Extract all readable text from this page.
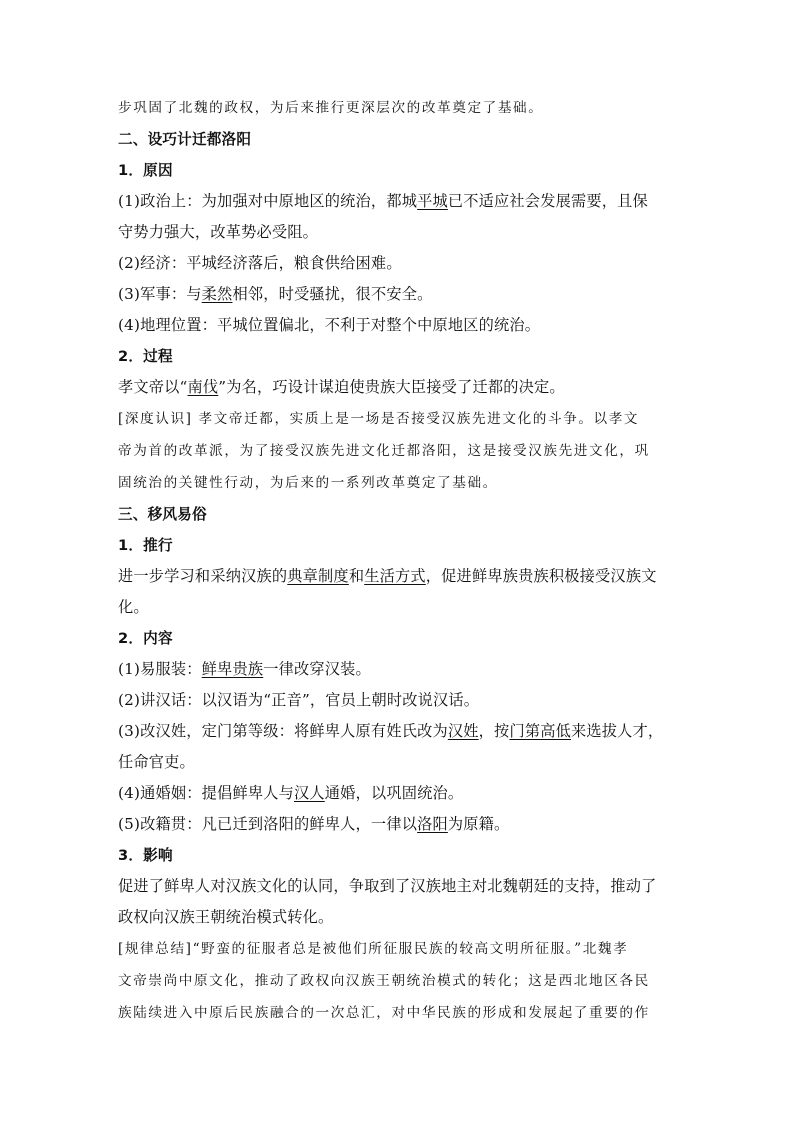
步巩固了北魏的政权，为后来推行更深层次的改革奠定了基础。
二、设巧计迁都洛阳
1．原因
(1)政治上：为加强对中原地区的统治，都城平城已不适应社会发展需要，且保
守势力强大，改革势必受阻。
(2)经济：平城经济落后，粮食供给困难。
(3)军事：与柔然相邻，时受骚扰，很不安全。
(4)地理位置：平城位置偏北，不利于对整个中原地区的统治。
2．过程
孝文帝以“南伐”为名，巧设计谋迫使贵族大臣接受了迁都的决定。
[深度认识] 孝文帝迁都，实质上是一场是否接受汉族先进文化的斗争。以孝文
帝为首的改革派，为了接受汉族先进文化迁都洛阳，这是接受汉族先进文化，巩
固统治的关键性行动，为后来的一系列改革奠定了基础。
三、移风易俗
1．推行
进一步学习和采纳汉族的典章制度和生活方式，促进鲜卑族贵族积极接受汉族文
化。
2．内容
(1)易服装：鲜卑贵族一律改穿汉装。
(2)讲汉话：以汉语为“正音”，官员上朝时改说汉话。
(3)改汉姓，定门第等级：将鲜卑人原有姓氏改为汉姓，按门第高低来选拔人才，
任命官吏。
(4)通婚姻：提倡鲜卑人与汉人通婚，以巩固统治。
(5)改籍贯：凡已迁到洛阳的鲜卑人，一律以洛阳为原籍。
3．影响
促进了鲜卑人对汉族文化的认同，争取到了汉族地主对北魏朝廷的支持，推动了
政权向汉族王朝统治模式转化。
[规律总结]“野蛮的征服者总是被他们所征服民族的较高文明所征服。”北魏孝
文帝崇尚中原文化，推动了政权向汉族王朝统治模式的转化；这是西北地区各民
族陆续进入中原后民族融合的一次总汇，对中华民族的形成和发展起了重要的作
